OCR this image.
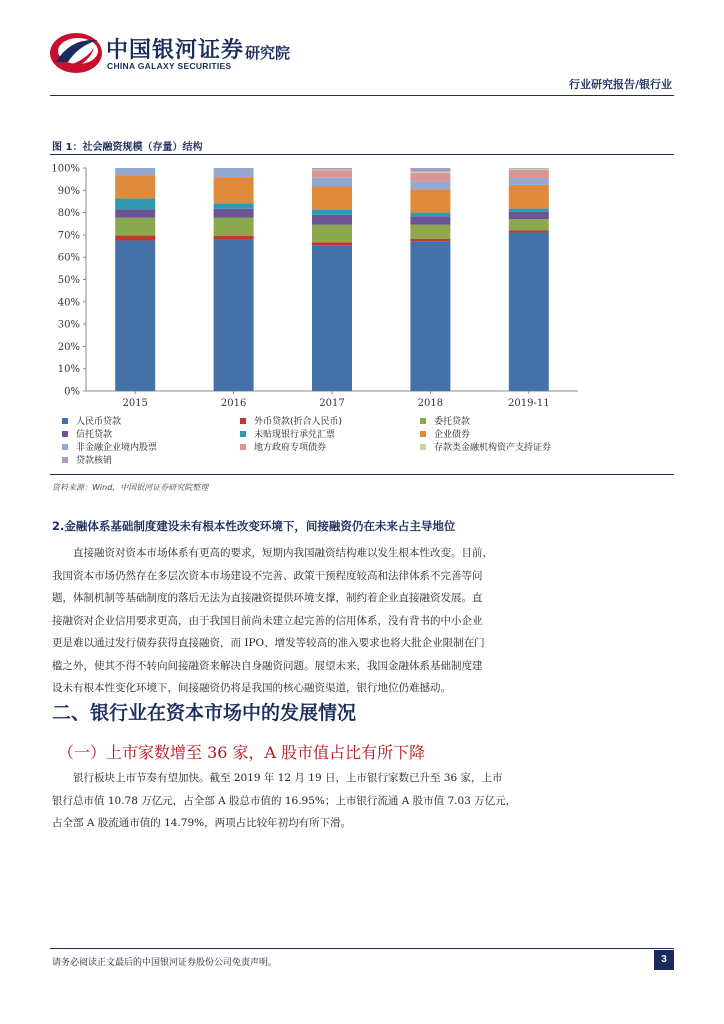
中国银河证券
CHINA GALAXY SECURITIES
研究院
行业研究报告/银行业
图 1：社会融资规模（存量）结构
0%
10%
20%
30%
40%
50%
60%
70%
80%
90%
100%
2015	2016	2017	2018	2019-11
人民币贷款	外币贷款(折合人民币)	委托贷款
信托贷款	未贴现银行承兑汇票	企业债券
非金融企业境内股票	地方政府专项债券	存款类金融机构资产支持证券
贷款核销
资料来源：Wind，中国银河证券研究院整理
2.金融体系基础制度建设未有根本性改变环境下，间接融资仍在未来占主导地位

　　直接融资对资本市场体系有更高的要求，短期内我国融资结构难以发生根本性改变。目前，

我国资本市场仍然存在多层次资本市场建设不完善、政策干预程度较高和法律体系不完善等问

题，体制机制等基础制度的落后无法为直接融资提供环境支撑，制约着企业直接融资发展。直

接融资对企业信用要求更高，由于我国目前尚未建立起完善的信用体系，没有背书的中小企业

更是难以通过发行债券获得直接融资，而 IPO、增发等较高的准入要求也将大批企业限制在门

槛之外，使其不得不转向间接融资来解决自身融资问题。展望未来，我国金融体系基础制度建

设未有根本性变化环境下，间接融资仍将是我国的核心融资渠道，银行地位仍难撼动。

二、银行业在资本市场中的发展情况
（一）上市家数增至 36 家，A 股市值占比有所下降

　　银行板块上市节奏有望加快。截至 2019 年 12 月 19 日，上市银行家数已升至 36 家，上市

银行总市值 10.78 万亿元，占全部 A 股总市值的 16.95%；上市银行流通 A 股市值 7.03 万亿元，

占全部 A 股流通市值的 14.79%，两项占比较年初均有所下滑。

请务必阅读正文最后的中国银河证券股份公司免责声明。	3
